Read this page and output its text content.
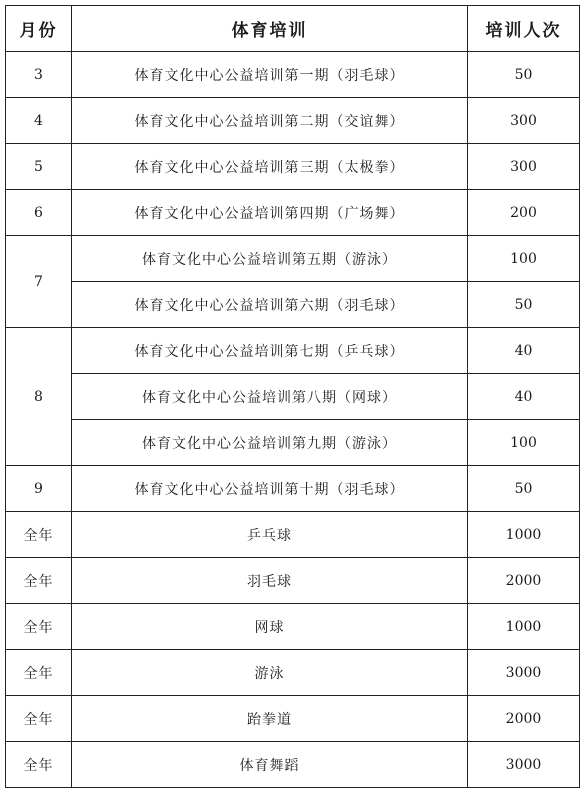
月份	体育培训	培训人次
3	体育文化中心公益培训第一期（羽毛球）	50
4	体育文化中心公益培训第二期（交谊舞）	300
5	体育文化中心公益培训第三期（太极拳）	300
6	体育文化中心公益培训第四期（广场舞）	200
7	体育文化中心公益培训第五期（游泳）	100
	体育文化中心公益培训第六期（羽毛球）	50
8	体育文化中心公益培训第七期（乒乓球）	40
	体育文化中心公益培训第八期（网球）	40
	体育文化中心公益培训第九期（游泳）	100
9	体育文化中心公益培训第十期（羽毛球）	50
全年	乒乓球	1000
全年	羽毛球	2000
全年	网球	1000
全年	游泳	3000
全年	跆拳道	2000
全年	体育舞蹈	3000
